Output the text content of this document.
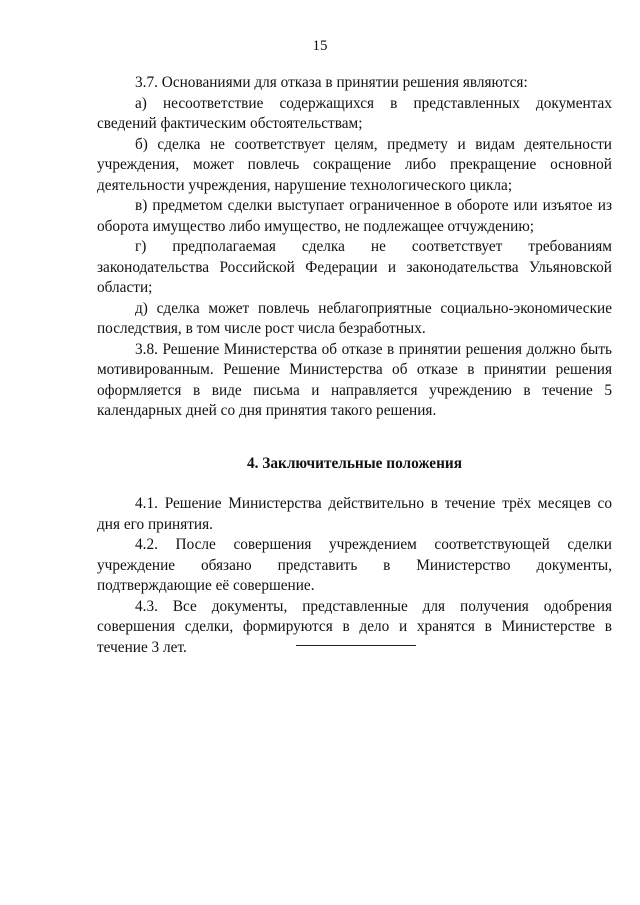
15

3.7. Основаниями для отказа в принятии решения являются:

а) несоответствие содержащихся в представленных документах сведений фактическим обстоятельствам;

б) сделка не соответствует целям, предмету и видам деятельности учреждения, может повлечь сокращение либо прекращение основной деятельности учреждения, нарушение технологического цикла;

в) предметом сделки выступает ограниченное в обороте или изъятое из оборота имущество либо имущество, не подлежащее отчуждению;

г) предполагаемая сделка не соответствует требованиям законодательства Российской Федерации и законодательства Ульяновской области;

д) сделка может повлечь неблагоприятные социально-экономические последствия, в том числе рост числа безработных.

3.8. Решение Министерства об отказе в принятии решения должно быть мотивированным. Решение Министерства об отказе в принятии решения оформляется в виде письма и направляется учреждению в течение 5 календарных дней со дня принятия такого решения.

4. Заключительные положения

4.1. Решение Министерства действительно в течение трёх месяцев со дня его принятия.

4.2. После совершения учреждением соответствующей сделки учреждение обязано представить в Министерство документы, подтверждающие её совершение.

4.3. Все документы, представленные для получения одобрения совершения сделки, формируются в дело и хранятся в Министерстве в течение 3 лет.
